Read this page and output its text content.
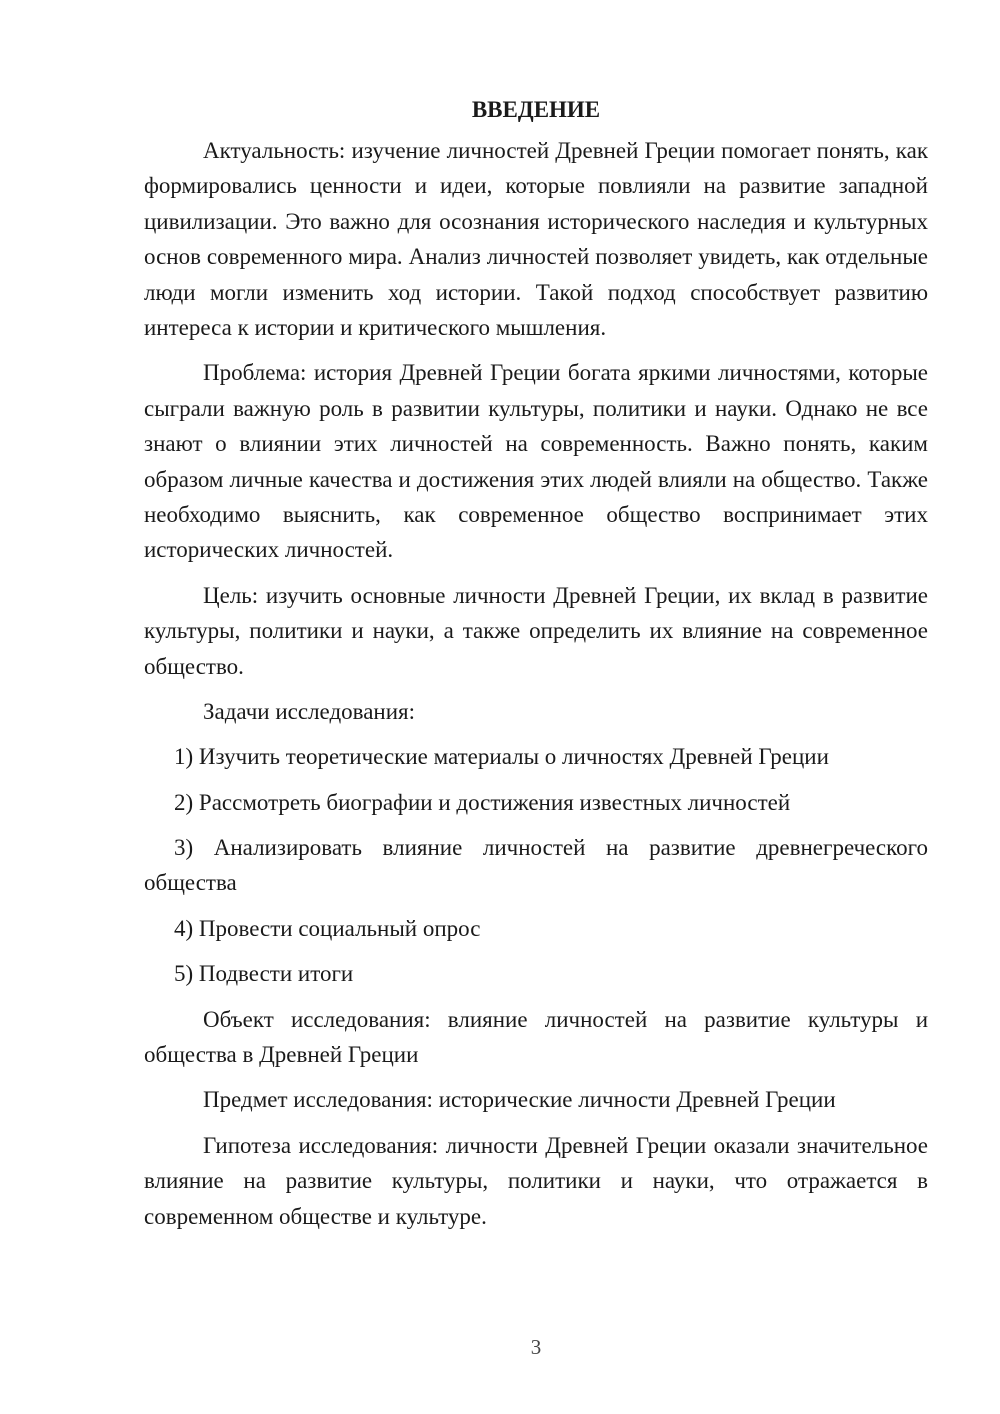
ВВЕДЕНИЕ

Актуальность: изучение личностей Древней Греции помогает понять, как формировались ценности и идеи, которые повлияли на развитие западной цивилизации. Это важно для осознания исторического наследия и культурных основ современного мира. Анализ личностей позволяет увидеть, как отдельные люди могли изменить ход истории. Такой подход способствует развитию интереса к истории и критического мышления.

Проблема: история Древней Греции богата яркими личностями, которые сыграли важную роль в развитии культуры, политики и науки. Однако не все знают о влиянии этих личностей на современность. Важно понять, каким образом личные качества и достижения этих людей влияли на общество. Также необходимо выяснить, как современное общество воспринимает этих исторических личностей.

Цель: изучить основные личности Древней Греции, их вклад в развитие культуры, политики и науки, а также определить их влияние на современное общество.

Задачи исследования:

1) Изучить теоретические материалы о личностях Древней Греции

2) Рассмотреть биографии и достижения известных личностей

3) Анализировать влияние личностей на развитие древнегреческого общества

4) Провести социальный опрос

5) Подвести итоги

Объект исследования: влияние личностей на развитие культуры и общества в Древней Греции

Предмет исследования: исторические личности Древней Греции

Гипотеза исследования: личности Древней Греции оказали значительное влияние на развитие культуры, политики и науки, что отражается в современном обществе и культуре.

3
